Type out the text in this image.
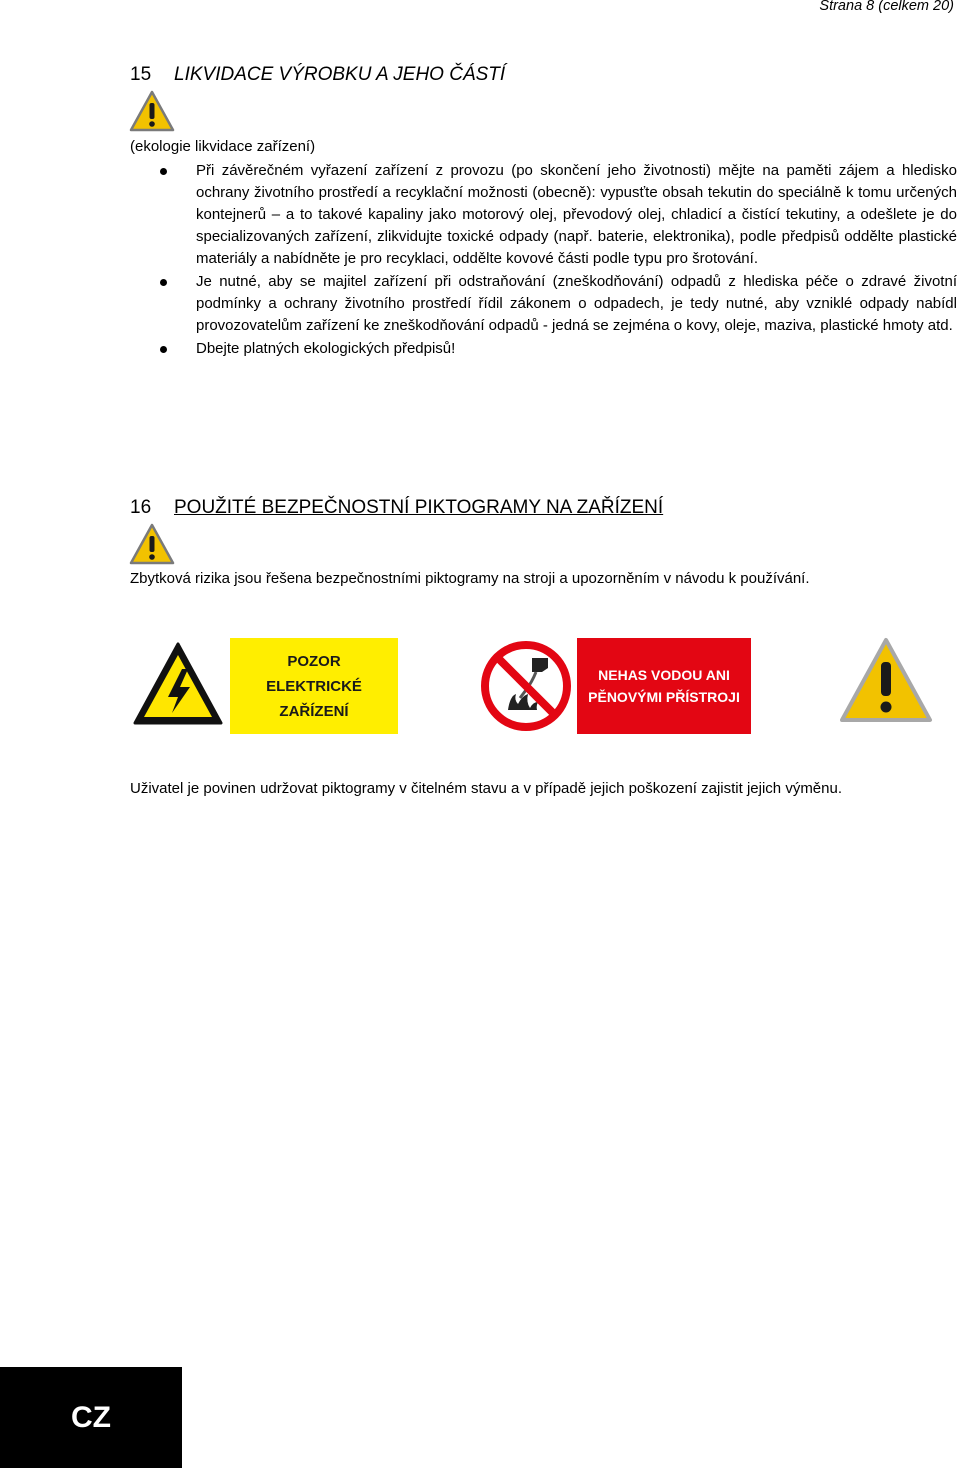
Strana 8 (celkem 20)
15 LIKVIDACE VÝROBKU A JEHO ČÁSTÍ
(ekologie likvidace zařízení)
Při závěrečném vyřazení zařízení z provozu (po skončení jeho životnosti) mějte na paměti zájem a hledisko ochrany životního prostředí a recyklační možnosti (obecně): vypusťte obsah tekutin do speciálně k tomu určených kontejnerů – a to takové kapaliny jako motorový olej, převodový olej, chladicí a čistící tekutiny, a odešlete je do specializovaných zařízení, zlikvidujte toxické odpady (např. baterie, elektronika), podle předpisů oddělte plastické materiály a nabídněte je pro recyklaci, oddělte kovové části podle typu pro šrotování.
Je nutné, aby se majitel zařízení při odstraňování (zneškodňování) odpadů z hlediska péče o zdravé životní podmínky a ochrany životního prostředí řídil zákonem o odpadech, je tedy nutné, aby vzniklé odpady nabídl provozovatelům zařízení ke zneškodňování odpadů - jedná se zejména o kovy, oleje, maziva, plastické hmoty atd.
Dbejte platných ekologických předpisů!
16 POUŽITÉ BEZPEČNOSTNÍ PIKTOGRAMY NA ZAŘÍZENÍ
Zbytková rizika jsou řešena bezpečnostními piktogramy na stroji a upozorněním v návodu k používání.
POZOR
ELEKTRICKÉ ZAŘÍZENÍ
NEHAS VODOU ANI
PĚNOVÝMI PŘÍSTROJI
Uživatel je povinen udržovat piktogramy v čitelném stavu a v případě jejich poškození zajistit jejich výměnu.
CZ
